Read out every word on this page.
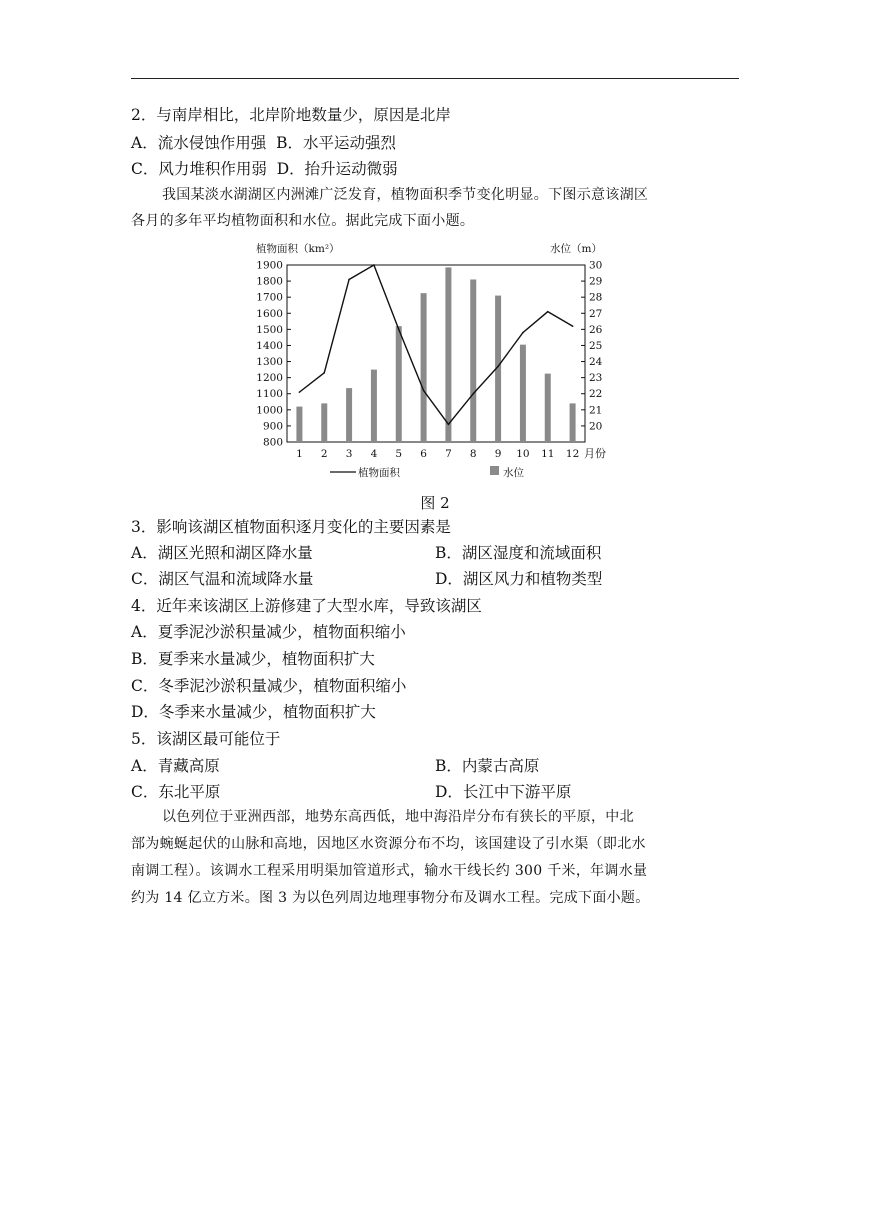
2．与南岸相比，北岸阶地数量少，原因是北岸
A．流水侵蚀作用强 B．水平运动强烈
C．风力堆积作用弱 D．抬升运动微弱
我国某淡水湖湖区内洲滩广泛发育，植物面积季节变化明显。下图示意该湖区
各月的多年平均植物面积和水位。据此完成下面小题。
植物面积（km²）	水位（m）
月份
800
900
1000
1100
1200
1300
1400
1500
1600
1700
1800
1900
20
21
22
23
24
25
26
27
28
29
30
1 2 3 4 5 6 7 8 9 10 11 12
植物面积	水位
图 2
3．影响该湖区植物面积逐月变化的主要因素是
A．湖区光照和湖区降水量	B．湖区湿度和流域面积
C．湖区气温和流域降水量	D．湖区风力和植物类型
4．近年来该湖区上游修建了大型水库，导致该湖区
A．夏季泥沙淤积量减少，植物面积缩小
B．夏季来水量减少，植物面积扩大
C．冬季泥沙淤积量减少，植物面积缩小
D．冬季来水量减少，植物面积扩大
5．该湖区最可能位于
A．青藏高原	B．内蒙古高原
C．东北平原	D．长江中下游平原
以色列位于亚洲西部，地势东高西低，地中海沿岸分布有狭长的平原，中北
部为蜿蜒起伏的山脉和高地，因地区水资源分布不均，该国建设了引水渠（即北水
南调工程）。该调水工程采用明渠加管道形式，输水干线长约 300 千米，年调水量
约为 14 亿立方米。图 3 为以色列周边地理事物分布及调水工程。完成下面小题。
